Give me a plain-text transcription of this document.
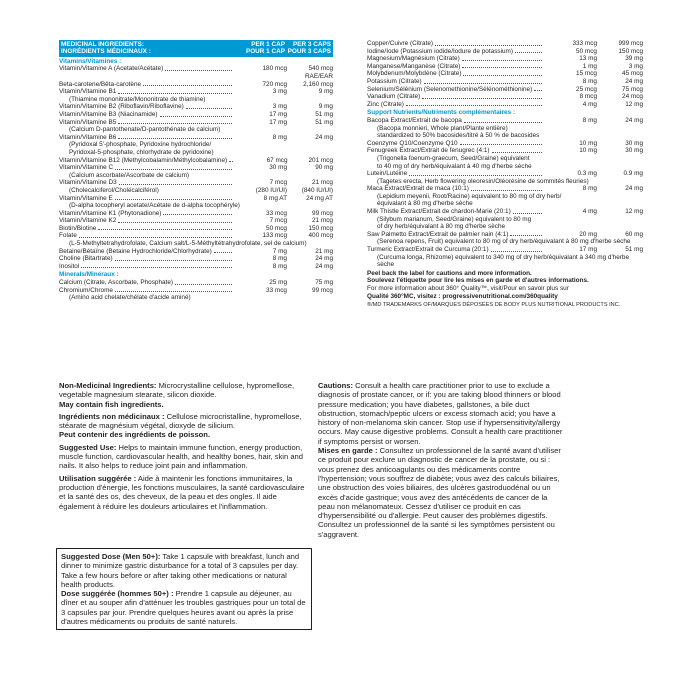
MEDICINAL INGREDIENTS:
INGRÉDIENTS MÉDICINAUX :
PER 1 CAP
POUR 1 CAP
PER 3 CAPS
POUR 3 CAPS
Vitamins/Vitamines :
Vitamin/Vitamine A (Acetate/Acétate)	180 mcg	540 mcg
RAE/EAR
Beta-carotene/Bêta-carotène	720 mcg	2,160 mcg
Vitamin/Vitamine B1	3 mg	9 mg
(Thiamine mononitrate/Mononitrate de thiamine)
Vitamin/Vitamine B2 (Riboflavin/Riboflavine)	3 mg	9 mg
Vitamin/Vitamine B3 (Niacinamide)	17 mg	51 mg
Vitamin/Vitamine B5	17 mg	51 mg
(Calcium D-pantothenate/D-pantothénate de calcium)
Vitamin/Vitamine B6	8 mg	24 mg
(Pyridoxal 5'-phosphate, Pyridoxine hydrochloride/
Pyridoxal-5-phosphate, chlorhydrate de pyridoxine)
Vitamin/Vitamine B12 (Methylcobalamin/Méthylcobalamine)	67 mcg	201 mcg
Vitamin/Vitamine C	30 mg	90 mg
(Calcium ascorbate/Ascorbate de calcium)
Vitamin/Vitamine D3	7 mcg	21 mcg
(Cholecalciferol/Cholécalciférol)	(280 IU/UI)	(840 IU/UI)
Vitamin/Vitamine E	8 mg AT	24 mg AT
(D-alpha tocopheryl acetate/Acétate de d-alpha tocophéryle)
Vitamin/Vitamine K1 (Phytonadione)	33 mcg	99 mcg
Vitamin/Vitamine K2	7 mcg	21 mcg
Biotin/Biotine	50 mcg	150 mcg
Folate	133 mcg	400 mcg
(L-5-Methyltetrahydrofolate, Calcium salt/L-5-Méthyltétrahydrofolate, sel de calcium)
Betaine/Bétaïne (Betaine Hydrochloride/Chlorhydrate)	7 mg	21 mg
Choline (Bitartrate)	8 mg	24 mg
Inositol	8 mg	24 mg
Minerals/Minéraux :
Calcium (Citrate, Ascorbate, Phosphate)	25 mg	75 mg
Chromium/Chrome	33 mcg	99 mcg
(Amino acid chelate/chélate d'acide aminé)
Copper/Cuivre (Citrate)	333 mcg	999 mcg
Iodine/Iode (Potassium iodide/Iodure de potassium)	50 mcg	150 mcg
Magnesium/Magnésium (Citrate)	13 mg	39 mg
Manganese/Manganèse (Citrate)	1 mg	3 mg
Molybdenum/Molybdène (Citrate)	15 mcg	45 mcg
Potassium (Citrate)	8 mg	24 mg
Selenium/Sélénium (Selenomethionine/Sélénométhionine)	25 mcg	75 mcg
Vanadium (Citrate)	8 mcg	24 mcg
Zinc (Citrate)	4 mg	12 mg
Support Nutrients/Nutriments complémentaires :
Bacopa Extract/Extrait de bacopa	8 mg	24 mg
(Bacopa monnieri, Whole plant/Plante entière)
standardized to 50% bacosides/titré à 50 % de bacosides
Coenzyme Q10/Coenzyme Q10	10 mg	30 mg
Fenugreek Extract/Extrait de fenugrec (4:1)	10 mg	30 mg
(Trigonella foenum-graecum, Seed/Graine) equivalent
to 40 mg of dry herb/équivalant à 40 mg d'herbe sèche
Lutein/Lutéine	0.3 mg	0.9 mg
(Tagetes erecta, Herb flowering oleoresin/Oléorésine de sommités fleuries)
Maca Extract/Extrait de maca (10:1)	8 mg	24 mg
(Lepidium meyenii, Root/Racine) equivalent to 80 mg of dry herb/
équivalant à 80 mg d'herbe sèche
Milk Thistle Extract/Extrait de chardon-Marie (20:1)	4 mg	12 mg
(Silybum marianum, Seed/Graine) equivalent to 80 mg
of dry herb/équivalant à 80 mg d'herbe sèche
Saw Palmetto Extract/Extrait de palmier nain (4:1)	20 mg	60 mg
(Serenoa repens, Fruit) equivalent to 80 mg of dry herb/équivalant à 80 mg d'herbe sèche
Turmeric Extract/Extrait de Curcuma (20:1)	17 mg	51 mg
(Curcuma longa, Rhizome) equivalent to 340 mg of dry herb/équivalant à 340 mg d'herbe sèche
Peel back the label for cautions and more information.
Soulevez l'étiquette pour lire les mises en garde et d'autres informations.
For more information about 360° Quality™, visit/Pour en savoir plus sur
Qualité 360°MC, visitez : progressivenutritional.com/360quality
®/MD TRADEMARKS OF/MARQUES DÉPOSÉES DE BODY PLUS NUTRITIONAL PRODUCTS INC.
Non-Medicinal Ingredients: Microcrystalline cellulose, hypromellose, vegetable magnesium stearate, silicon dioxide.
May contain fish ingredients.
Ingrédients non médicinaux : Cellulose microcristalline, hypromellose, stéarate de magnésium végétal, dioxyde de silicium.
Peut contenir des ingrédients de poisson.
Suggested Use: Helps to maintain immune function, energy production, muscle function, cardiovascular health, and healthy bones, hair, skin and nails. It also helps to reduce joint pain and inflammation.
Utilisation suggérée : Aide à maintenir les fonctions immunitaires, la production d'énergie, les fonctions musculaires, la santé cardiovasculaire et la santé des os, des cheveux, de la peau et des ongles. Il aide également à réduire les douleurs articulaires et l'inflammation.
Suggested Dose (Men 50+): Take 1 capsule with breakfast, lunch and dinner to minimize gastric disturbance for a total of 3 capsules per day. Take a few hours before or after taking other medications or natural health products.
Dose suggérée (hommes 50+) : Prendre 1 capsule au déjeuner, au dîner et au souper afin d'atténuer les troubles gastriques pour un total de 3 capsules par jour. Prendre quelques heures avant ou après la prise d'autres médicaments ou produits de santé naturels.
Cautions: Consult a health care practitioner prior to use to exclude a diagnosis of prostate cancer, or if: you are taking blood thinners or blood pressure medication; you have diabetes, gallstones, a bile duct obstruction, stomach/peptic ulcers or excess stomach acid; you have a history of non-melanoma skin cancer. Stop use if hypersensitivity/allergy occurs. May cause digestive problems. Consult a health care practitioner if symptoms persist or worsen.
Mises en garde : Consultez un professionnel de la santé avant d'utiliser ce produit pour exclure un diagnostic de cancer de la prostate, ou si : vous prenez des anticoagulants ou des médicaments contre l'hypertension; vous souffrez de diabète; vous avez des calculs biliaires, une obstruction des voies biliaires, des ulcères gastroduodénal ou un excès d'acide gastrique; vous avez des antécédents de cancer de la peau non mélanomateux. Cessez d'utiliser ce produit en cas d'hypersensibilité ou d'allergie. Peut causer des problèmes digestifs. Consultez un professionnel de la santé si les symptômes persistent ou s'aggravent.
